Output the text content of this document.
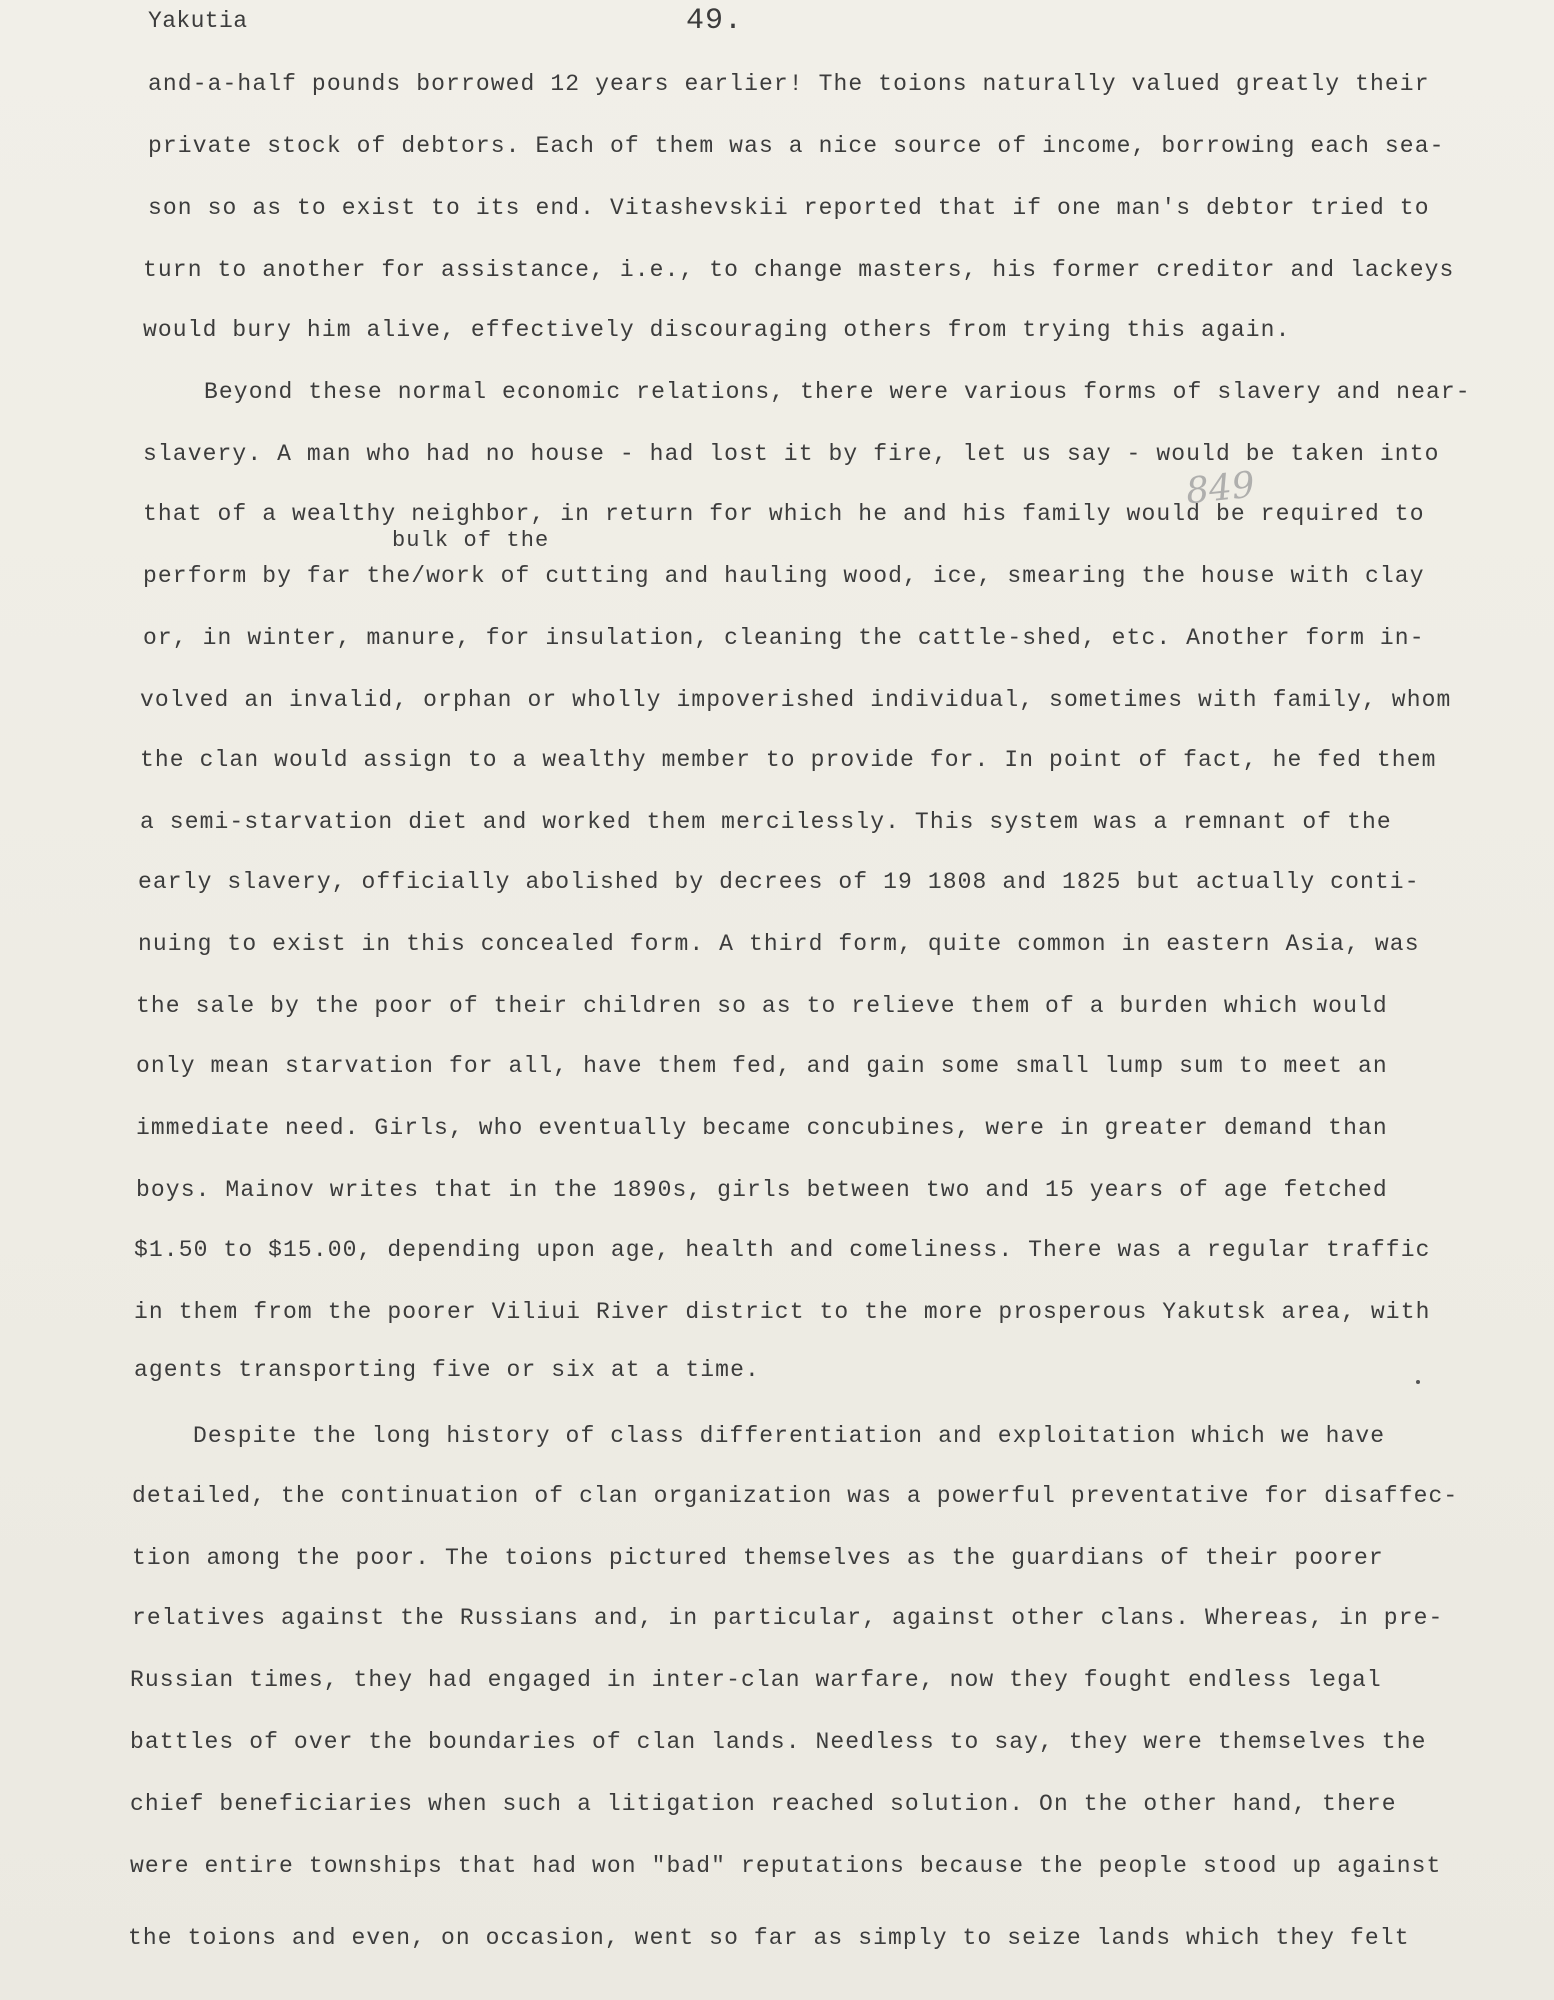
Yakutia	49.
849
bulk of the
and-a-half pounds borrowed 12 years earlier! The toions naturally valued greatly their
private stock of debtors. Each of them was a nice source of income, borrowing each sea-
son so as to exist to its end. Vitashevskii reported that if one man's debtor tried to
turn to another for assistance, i.e., to change masters, his former creditor and lackeys
would bury him alive, effectively discouraging others from trying this again.
Beyond these normal economic relations, there were various forms of slavery and near-
slavery. A man who had no house - had lost it by fire, let us say - would be taken into
that of a wealthy neighbor, in return for which he and his family would be required to
perform by far the/work of cutting and hauling wood, ice, smearing the house with clay
or, in winter, manure, for insulation, cleaning the cattle-shed, etc. Another form in-
volved an invalid, orphan or wholly impoverished individual, sometimes with family, whom
the clan would assign to a wealthy member to provide for. In point of fact, he fed them
a semi-starvation diet and worked them mercilessly. This system was a remnant of the
early slavery, officially abolished by decrees of 19 1808 and 1825 but actually conti-
nuing to exist in this concealed form. A third form, quite common in eastern Asia, was
the sale by the poor of their children so as to relieve them of a burden which would
only mean starvation for all, have them fed, and gain some small lump sum to meet an
immediate need. Girls, who eventually became concubines, were in greater demand than
boys. Mainov writes that in the 1890s, girls between two and 15 years of age fetched
$1.50 to $15.00, depending upon age, health and comeliness. There was a regular traffic
in them from the poorer Viliui River district to the more prosperous Yakutsk area, with
agents transporting five or six at a time.
Despite the long history of class differentiation and exploitation which we have
detailed, the continuation of clan organization was a powerful preventative for disaffec-
tion among the poor. The toions pictured themselves as the guardians of their poorer
relatives against the Russians and, in particular, against other clans. Whereas, in pre-
Russian times, they had engaged in inter-clan warfare, now they fought endless legal
battles of over the boundaries of clan lands. Needless to say, they were themselves the
chief beneficiaries when such a litigation reached solution. On the other hand, there
were entire townships that had won "bad" reputations because the people stood up against
the toions and even, on occasion, went so far as simply to seize lands which they felt
